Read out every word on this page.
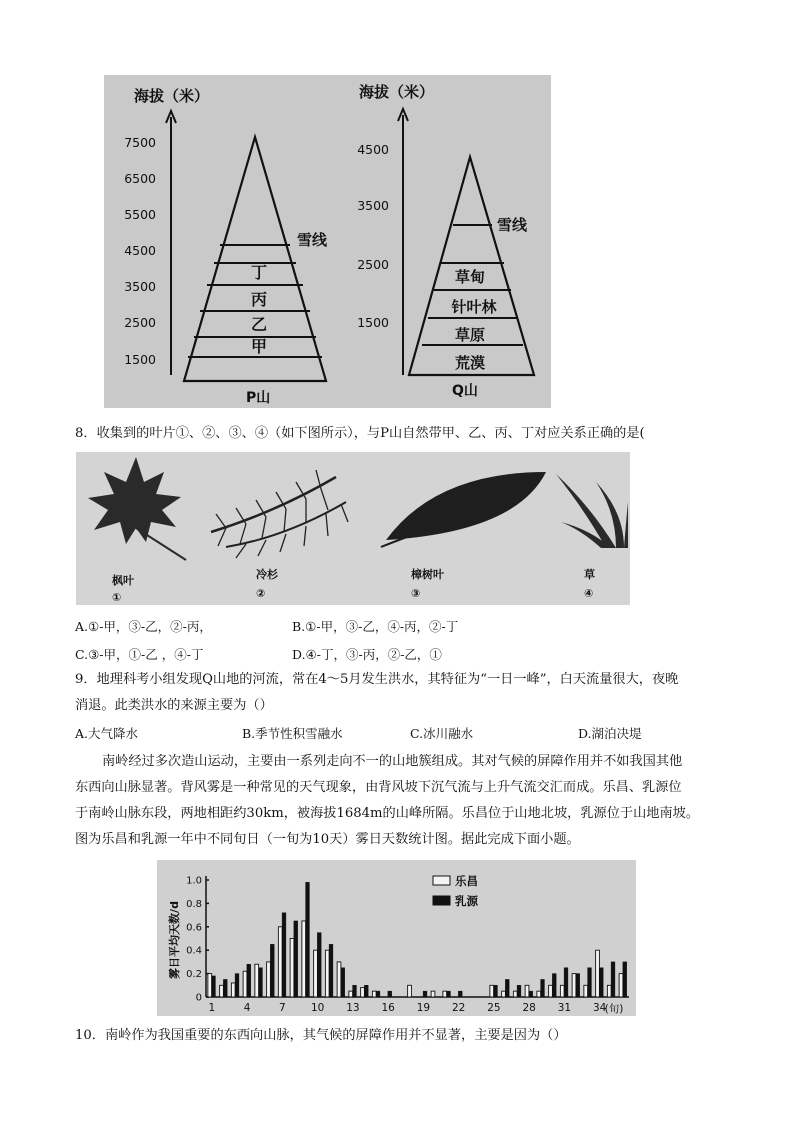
海拔（米）
7500
6500
5500
4500
3500
2500
1500
甲
乙
丙
丁
雪线
P山
海拔（米）
4500
3500
2500
1500
荒漠
草原
针叶林
草甸
雪线
Q山
8．收集到的叶片①、②、③、④（如下图所示），与P山自然带甲、乙、丙、丁对应关系正确的是(
枫叶
①
冷杉
②
樟树叶
③
草
④
A.①-甲，③-乙，②-丙，	B.①-甲，③-乙，④-丙，②-丁
C.③-甲，①-乙 ，④-丁	D.④-丁，③-丙，②-乙，①
9．地理科考小组发现Q山地的河流，常在4～5月发生洪水，其特征为“一日一峰”，白天流量很大，夜晚
消退。此类洪水的来源主要为（）
A.大气降水	B.季节性积雪融水	C.冰川融水	D.湖泊决堤
南岭经过多次造山运动，主要由一系列走向不一的山地簇组成。其对气候的屏障作用并不如我国其他
东西向山脉显著。背风雾是一种常见的天气现象，由背风坡下沉气流与上升气流交汇而成。乐昌、乳源位
于南岭山脉东段，两地相距约30km，被海拔1684m的山峰所隔。乐昌位于山地北坡，乳源位于山地南坡。
图为乐昌和乳源一年中不同旬日（一旬为10天）雾日天数统计图。据此完成下面小题。
雾日平均天数/d
0
0.2
0.4
0.6
0.8
1.0
1	4	7 10 13 16 19 22 25 28 31 34
乐昌
乳源
(旬)
10．南岭作为我国重要的东西向山脉，其气候的屏障作用并不显著，主要是因为（）
